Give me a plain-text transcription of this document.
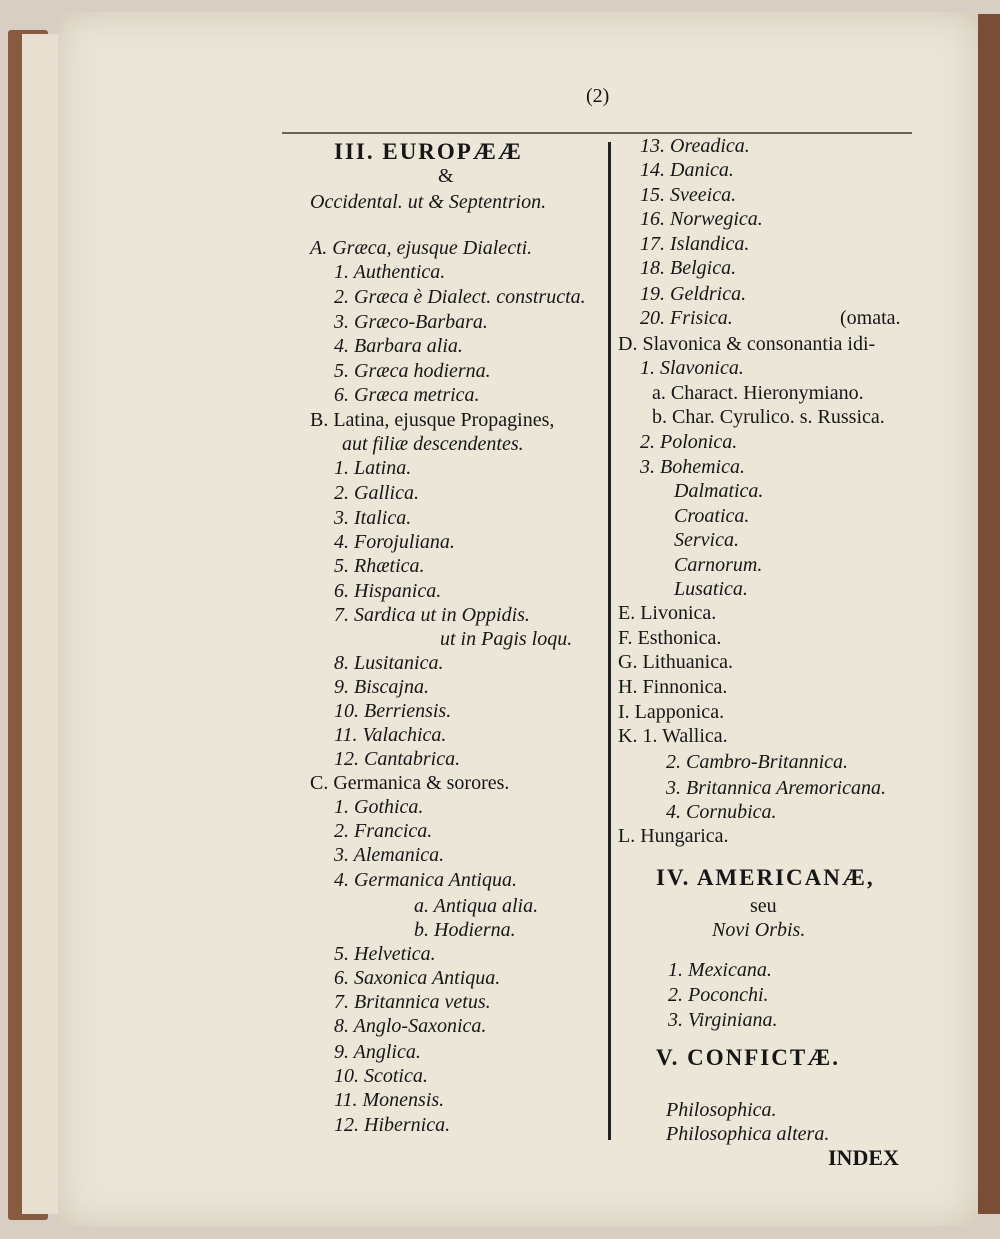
(2)
III. EUROPÆÆ
&
Occidental. ut & Septentrion.
A. Græca, ejusque Dialecti.
1. Authentica.
2. Græca è Dialect. constructa.
3. Græco-Barbara.
4. Barbara alia.
5. Græca hodierna.
6. Græca metrica.
B. Latina, ejusque Propagines,
aut filiæ descendentes.
1. Latina.
2. Gallica.
3. Italica.
4. Forojuliana.
5. Rhætica.
6. Hispanica.
7. Sardica ut in Oppidis.
ut in Pagis loqu.
8. Lusitanica.
9. Biscajna.
10. Berriensis.
11. Valachica.
12. Cantabrica.
C. Germanica & sorores.
1. Gothica.
2. Francica.
3. Alemanica.
4. Germanica Antiqua.
a. Antiqua alia.
b. Hodierna.
5. Helvetica.
6. Saxonica Antiqua.
7. Britannica vetus.
8. Anglo-Saxonica.
9. Anglica.
10. Scotica.
11. Monensis.
12. Hibernica.
13. Oreadica.
14. Danica.
15. Sveeica.
16. Norwegica.
17. Islandica.
18. Belgica.
19. Geldrica.
20. Frisica.	(omata.
D. Slavonica & consonantia idi-
1. Slavonica.
a. Charact. Hieronymiano.
b. Char. Cyrulico. s. Russica.
2. Polonica.
3. Bohemica.
Dalmatica.
Croatica.
Servica.
Carnorum.
Lusatica.
E. Livonica.
F. Esthonica.
G. Lithuanica.
H. Finnonica.
I. Lapponica.
K. 1. Wallica.
2. Cambro-Britannica.
3. Britannica Aremoricana.
4. Cornubica.
L. Hungarica.
IV. AMERICANÆ,
seu
Novi Orbis.
1. Mexicana.
2. Poconchi.
3. Virginiana.
V. CONFICTÆ.
Philosophica.
Philosophica altera.
INDEX
